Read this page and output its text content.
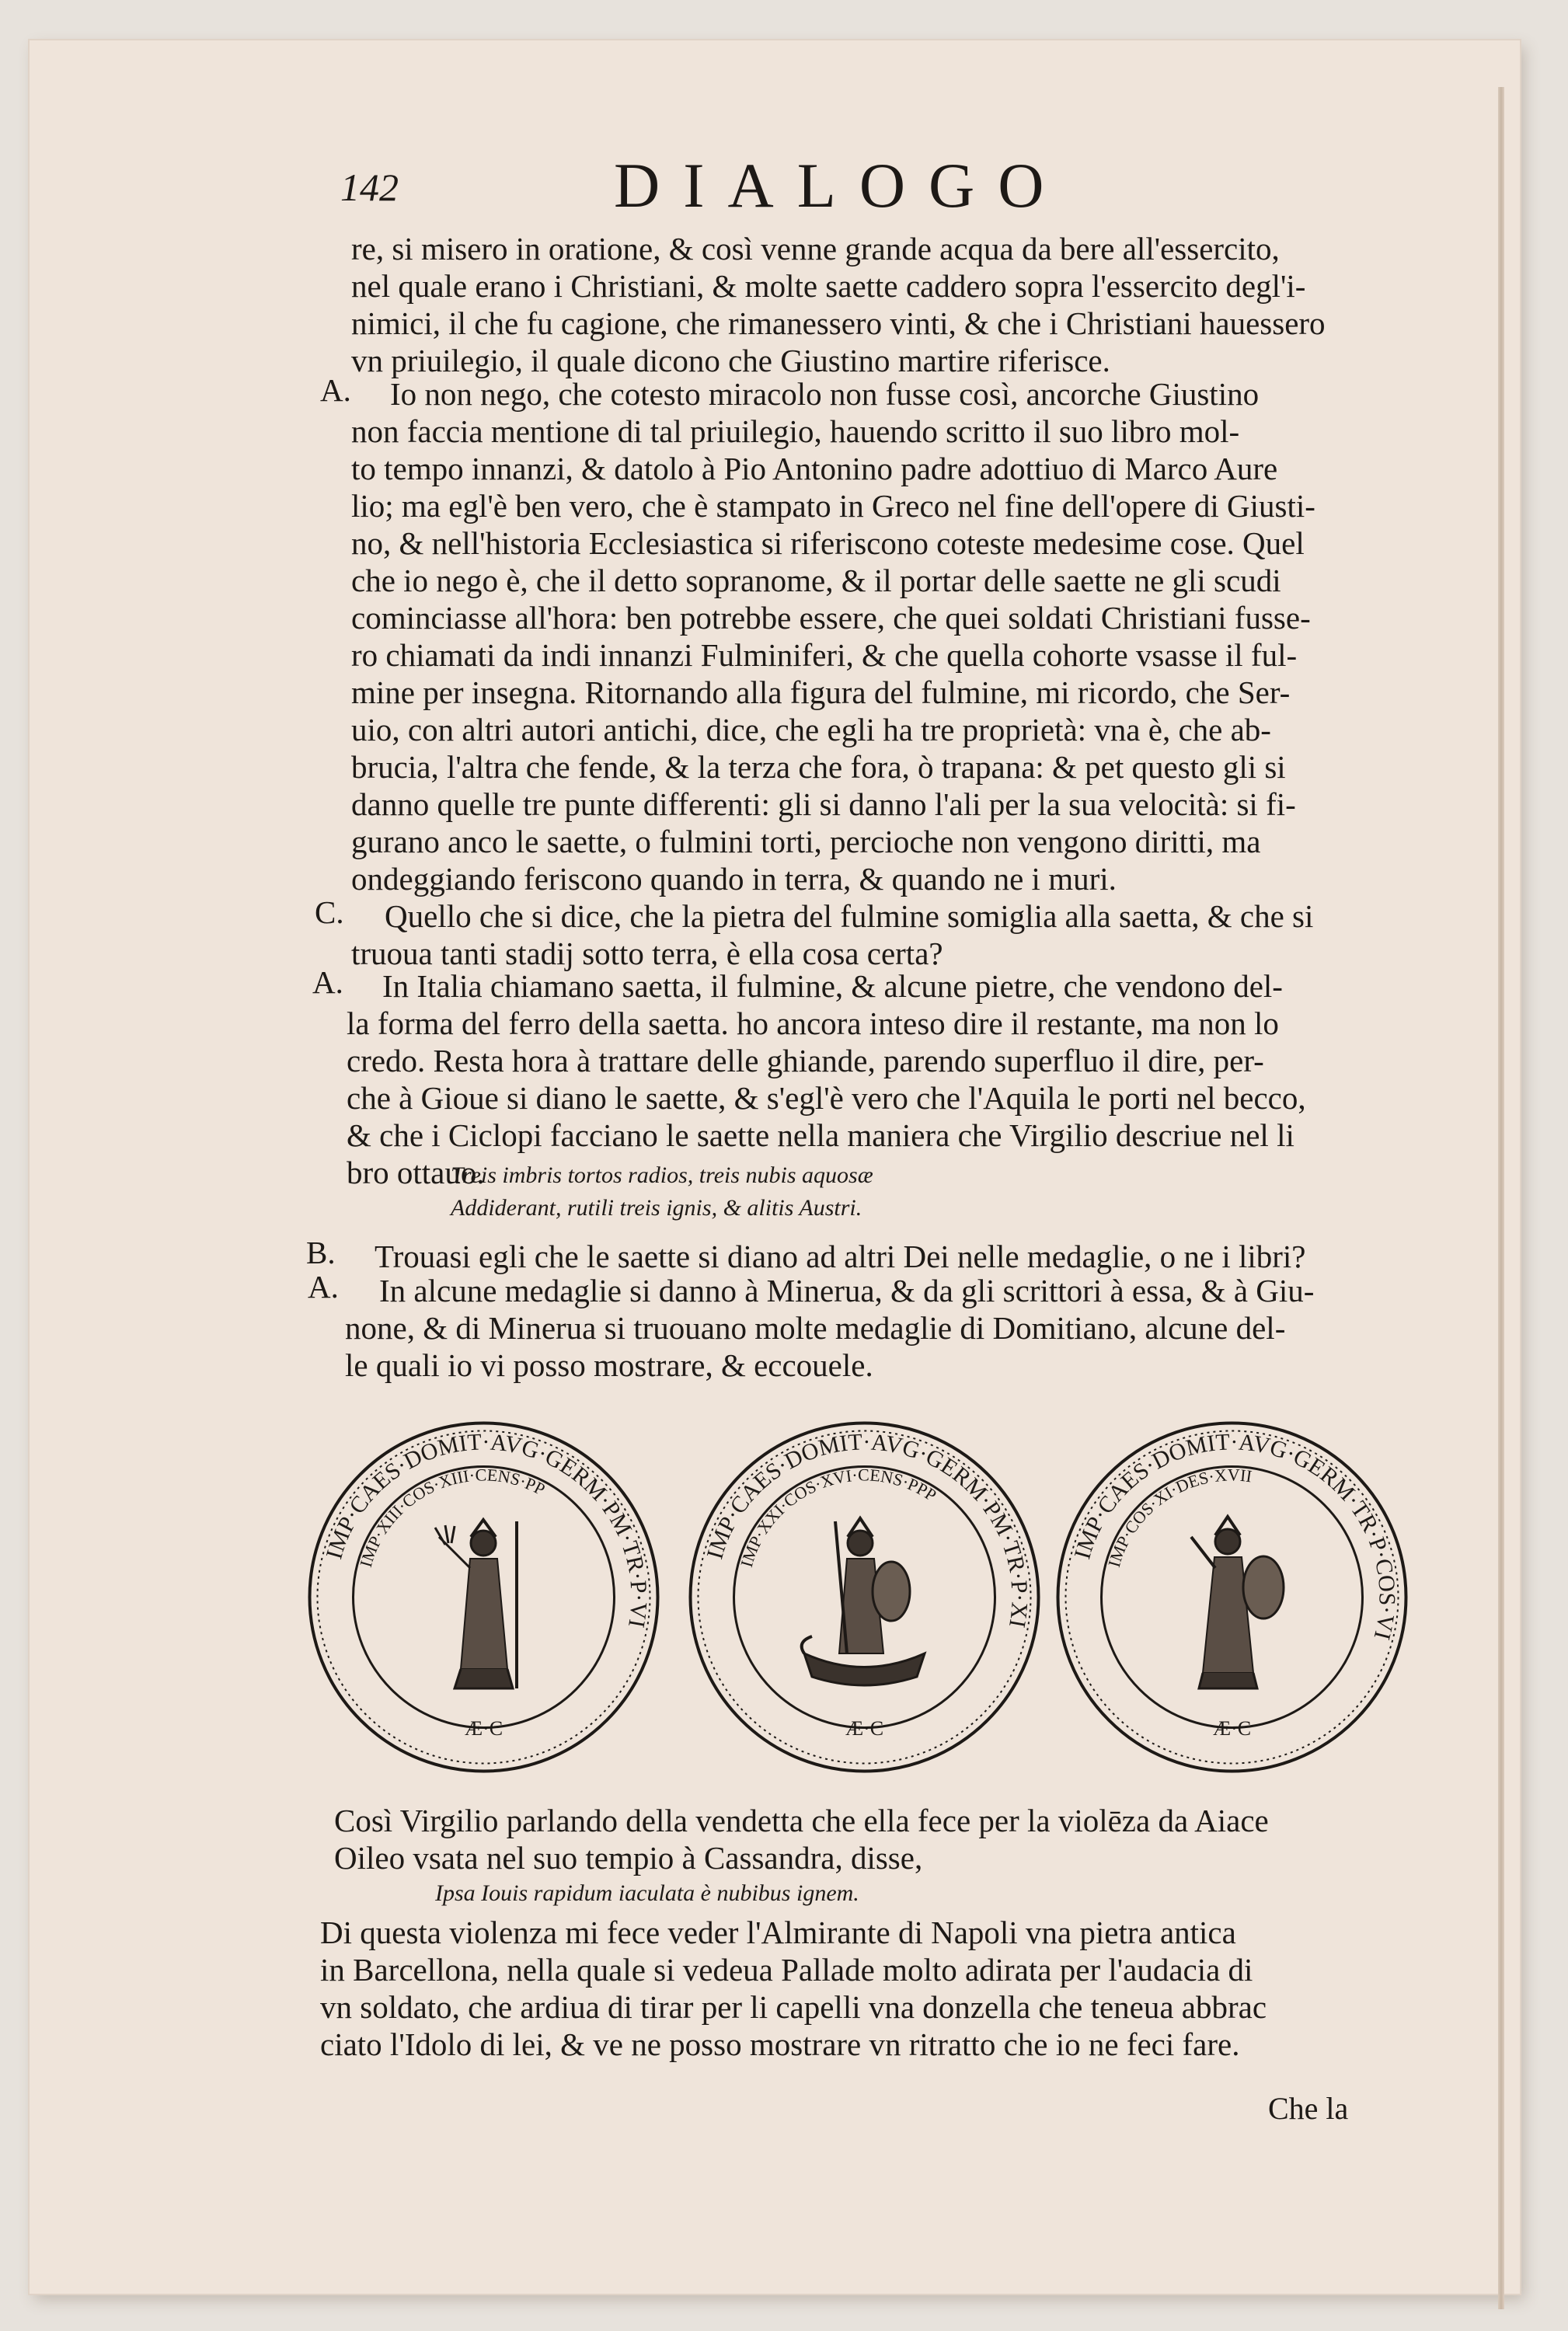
142	DIALOGO
re, si misero in oratione, & così venne grande acqua da bere all'essercito,
nel quale erano i Christiani, & molte saette caddero sopra l'essercito degl'i-
nimici, il che fu cagione, che rimanessero vinti, & che i Christiani hauessero
vn priuilegio, il quale dicono che Giustino martire riferisce.
A. Io non nego, che cotesto miracolo non fusse così, ancorche Giustino
non faccia mentione di tal priuilegio, hauendo scritto il suo libro mol-
to tempo innanzi, & datolo à Pio Antonino padre adottiuo di Marco Aure
lio; ma egl'è ben vero, che è stampato in Greco nel fine dell'opere di Giusti-
no, & nell'historia Ecclesiastica si riferiscono coteste medesime cose. Quel
che io nego è, che il detto sopranome, & il portar delle saette ne gli scudi
cominciasse all'hora: ben potrebbe essere, che quei soldati Christiani fusse-
ro chiamati da indi innanzi Fulminiferi, & che quella cohorte vsasse il ful-
mine per insegna. Ritornando alla figura del fulmine, mi ricordo, che Ser-
uio, con altri autori antichi, dice, che egli ha tre proprietà: vna è, che ab-
brucia, l'altra che fende, & la terza che fora, ò trapana: & pet questo gli si
danno quelle tre punte differenti: gli si danno l'ali per la sua velocità: si fi-
gurano anco le saette, o fulmini torti, percioche non vengono diritti, ma
ondeggiando feriscono quando in terra, & quando ne i muri.
C. Quello che si dice, che la pietra del fulmine somiglia alla saetta, & che si
truoua tanti stadij sotto terra, è ella cosa certa?
A. In Italia chiamano saetta, il fulmine, & alcune pietre, che vendono del-
la forma del ferro della saetta. ho ancora inteso dire il restante, ma non lo
credo. Resta hora à trattare delle ghiande, parendo superfluo il dire, per-
che à Gioue si diano le saette, & s'egl'è vero che l'Aquila le porti nel becco,
& che i Ciclopi facciano le saette nella maniera che Virgilio descriue nel li
bro ottauo.
Treis imbris tortos radios, treis nubis aquosæ
Addiderant, rutili treis ignis, & alitis Austri.
B. Trouasi egli che le saette si diano ad altri Dei nelle medaglie, o ne i libri?
A. In alcune medaglie si danno à Minerua, & da gli scrittori à essa, & à Giu-
none, & di Minerua si truouano molte medaglie di Domitiano, alcune del-
le quali io vi posso mostrare, & eccouele.
IMP·CAES·DOMIT·AVG·GERM·PM·TR·P·VI
IMP·XIII·COS·XIII·CENS·PP
Æ·C
IMP·CAES·DOMIT·AVG·GERM·PM·TR·P·XI
IMP·XXI·COS·XVI·CENS·PPP
Æ·C
IMP·CAES·DOMIT·AVG·GERM·TR·P·COS·VI
IMP·COS·XI·DES·XVII
Æ·C
Così Virgilio parlando della vendetta che ella fece per la violēza da Aiace
Oileo vsata nel suo tempio à Cassandra, disse,
Ipsa Iouis rapidum iaculata è nubibus ignem.
Di questa violenza mi fece veder l'Almirante di Napoli vna pietra antica
in Barcellona, nella quale si vedeua Pallade molto adirata per l'audacia di
vn soldato, che ardiua di tirar per li capelli vna donzella che teneua abbrac
ciato l'Idolo di lei, & ve ne posso mostrare vn ritratto che io ne feci fare.
Che la
